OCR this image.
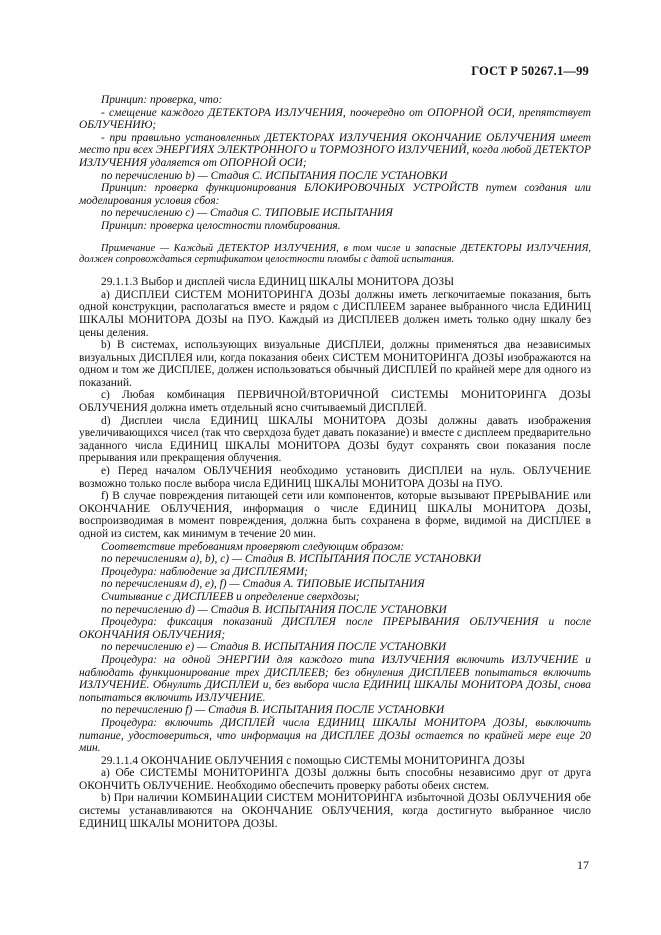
ГОСТ Р 50267.1—99

Принцип: проверка, что:

- смещение каждого ДЕТЕКТОРА ИЗЛУЧЕНИЯ, поочередно от ОПОРНОЙ ОСИ, препятствует ОБЛУЧЕНИЮ;

- при правильно установленных ДЕТЕКТОРАХ ИЗЛУЧЕНИЯ ОКОНЧАНИЕ ОБЛУЧЕНИЯ имеет место при всех ЭНЕРГИЯХ ЭЛЕКТРОННОГО и ТОРМОЗНОГО ИЗЛУЧЕНИЙ, когда любой ДЕТЕКТОР ИЗЛУЧЕНИЯ удаляется от ОПОРНОЙ ОСИ;

по перечислению b) — Стадия С. ИСПЫТАНИЯ ПОСЛЕ УСТАНОВКИ

Принцип: проверка функционирования БЛОКИРОВОЧНЫХ УСТРОЙСТВ путем создания или моделирования условия сбоя:

по перечислению с) — Стадия С. ТИПОВЫЕ ИСПЫТАНИЯ

Принцип: проверка целостности пломбирования.

Примечание — Каждый ДЕТЕКТОР ИЗЛУЧЕНИЯ, в том числе и запасные ДЕТЕКТОРЫ ИЗЛУЧЕНИЯ, должен сопровождаться сертификатом целостности пломбы с датой испытания.

29.1.1.3 Выбор и дисплей числа ЕДИНИЦ ШКАЛЫ МОНИТОРА ДОЗЫ

а) ДИСПЛЕИ СИСТЕМ МОНИТОРИНГА ДОЗЫ должны иметь легкочитаемые показания, быть одной конструкции, располагаться вместе и рядом с ДИСПЛЕЕМ заранее выбранного числа ЕДИНИЦ ШКАЛЫ МОНИТОРА ДОЗЫ на ПУО. Каждый из ДИСПЛЕЕВ должен иметь только одну шкалу без цены деления.

b) В системах, использующих визуальные ДИСПЛЕИ, должны применяться два независимых визуальных ДИСПЛЕЯ или, когда показания обеих СИСТЕМ МОНИТОРИНГА ДОЗЫ изображаются на одном и том же ДИСПЛЕЕ, должен использоваться обычный ДИСПЛЕЙ по крайней мере для одного из показаний.

с) Любая комбинация ПЕРВИЧНОЙ/ВТОРИЧНОЙ СИСТЕМЫ МОНИТОРИНГА ДОЗЫ ОБЛУЧЕНИЯ должна иметь отдельный ясно считываемый ДИСПЛЕЙ.

d) Дисплеи числа ЕДИНИЦ ШКАЛЫ МОНИТОРА ДОЗЫ должны давать изображения увеличивающихся чисел (так что сверхдоза будет давать показание) и вместе с дисплеем предварительно заданного числа ЕДИНИЦ ШКАЛЫ МОНИТОРА ДОЗЫ будут сохранять свои показания после прерывания или прекращения облучения.

е) Перед началом ОБЛУЧЕНИЯ необходимо установить ДИСПЛЕИ на нуль. ОБЛУЧЕНИЕ возможно только после выбора числа ЕДИНИЦ ШКАЛЫ МОНИТОРА ДОЗЫ на ПУО.

f) В случае повреждения питающей сети или компонентов, которые вызывают ПРЕРЫВАНИЕ или ОКОНЧАНИЕ ОБЛУЧЕНИЯ, информация о числе ЕДИНИЦ ШКАЛЫ МОНИТОРА ДОЗЫ, воспроизводимая в момент повреждения, должна быть сохранена в форме, видимой на ДИСПЛЕЕ в одной из систем, как минимум в течение 20 мин.

Соответствие требованиям проверяют следующим образом:

по перечислениям а), b), с) — Стадия В. ИСПЫТАНИЯ ПОСЛЕ УСТАНОВКИ

Процедура: наблюдение за ДИСПЛЕЯМИ;

по перечислениям d), е), f) — Стадия А. ТИПОВЫЕ ИСПЫТАНИЯ

Считывание с ДИСПЛЕЕВ и определение сверхдозы;

по перечислению d) — Стадия В. ИСПЫТАНИЯ ПОСЛЕ УСТАНОВКИ

Процедура: фиксация показаний ДИСПЛЕЯ после ПРЕРЫВАНИЯ ОБЛУЧЕНИЯ и после ОКОНЧАНИЯ ОБЛУЧЕНИЯ;

по перечислению е) — Стадия В. ИСПЫТАНИЯ ПОСЛЕ УСТАНОВКИ

Процедура: на одной ЭНЕРГИИ для каждого типа ИЗЛУЧЕНИЯ включить ИЗЛУЧЕНИЕ и наблюдать функционирование трех ДИСПЛЕЕВ; без обнуления ДИСПЛЕЕВ попытаться включить ИЗЛУЧЕНИЕ. Обнулить ДИСПЛЕИ и, без выбора числа ЕДИНИЦ ШКАЛЫ МОНИТОРА ДОЗЫ, снова попытаться включить ИЗЛУЧЕНИЕ.

по перечислению f) — Стадия В. ИСПЫТАНИЯ ПОСЛЕ УСТАНОВКИ

Процедура: включить ДИСПЛЕЙ числа ЕДИНИЦ ШКАЛЫ МОНИТОРА ДОЗЫ, выключить питание, удостовериться, что информация на ДИСПЛЕЕ ДОЗЫ остается по крайней мере еще 20 мин.

29.1.1.4 ОКОНЧАНИЕ ОБЛУЧЕНИЯ с помощью СИСТЕМЫ МОНИТОРИНГА ДОЗЫ

а) Обе СИСТЕМЫ МОНИТОРИНГА ДОЗЫ должны быть способны независимо друг от друга ОКОНЧИТЬ ОБЛУЧЕНИЕ. Необходимо обеспечить проверку работы обеих систем.

b) При наличии КОМБИНАЦИИ СИСТЕМ МОНИТОРИНГА избыточной ДОЗЫ ОБЛУЧЕНИЯ обе системы устанавливаются на ОКОНЧАНИЕ ОБЛУЧЕНИЯ, когда достигнуто выбранное число ЕДИНИЦ ШКАЛЫ МОНИТОРА ДОЗЫ.

17
